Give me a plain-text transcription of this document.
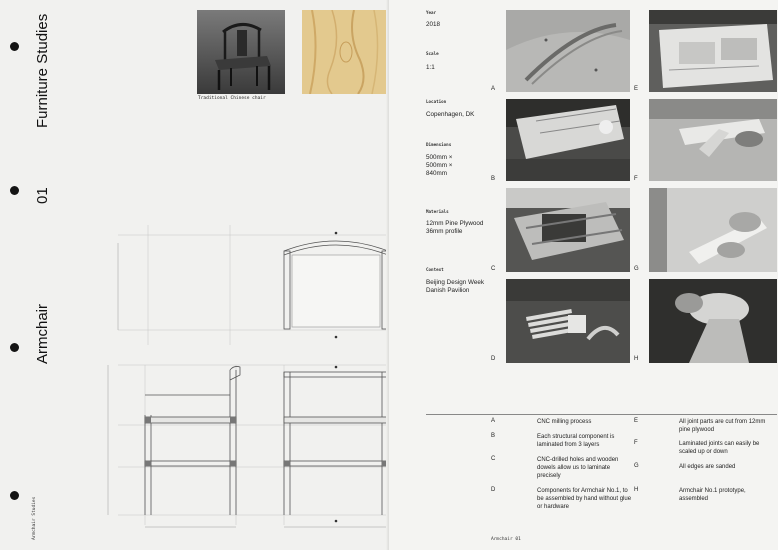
Furniture Studies
01
Armchair
Armchair Studies
Traditional Chinese chair
Year
2018
Scale
1:1
Location
Copenhagen, DK
Dimensions
500mm ×
500mm ×
840mm
Materials
12mm Pine Plywood
36mm profile
Context
Beijing Design Week
Danish Pavilion
A
B
C
D
E
F
G
H
A	CNC milling process
B	Each structural component is laminated from 3 layers
C	CNC-drilled holes and wooden dowels allow us to laminate precisely
D	Components for Armchair No.1, to be assembled by hand without glue or hardware
E	All joint parts are cut from 12mm pine plywood
F	Laminated joints can easily be scaled up or down
G	All edges are sanded
H	Armchair No.1 prototype, assembled
Armchair 01
